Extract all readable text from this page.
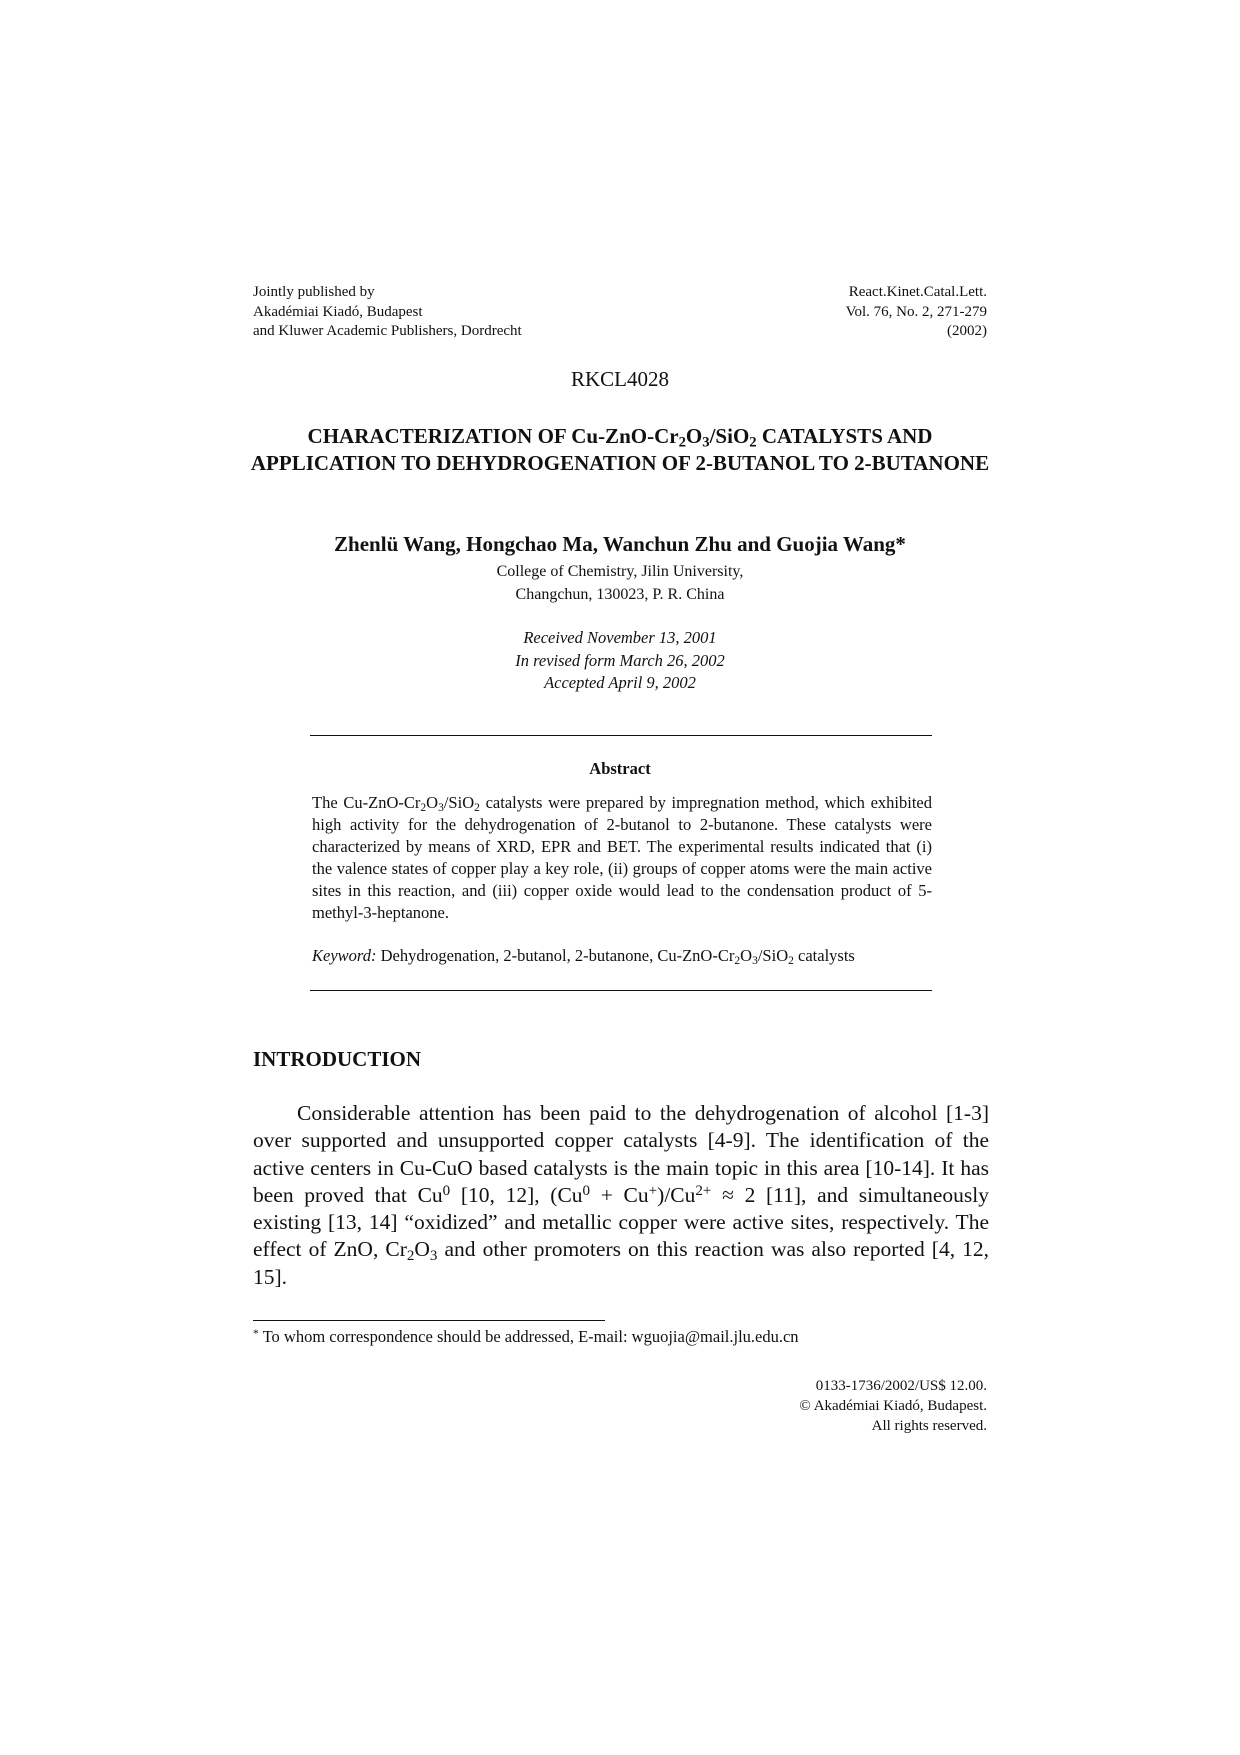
Jointly published by
Akadémiai Kiadó, Budapest
and Kluwer Academic Publishers, Dordrecht
React.Kinet.Catal.Lett.
Vol. 76, No. 2, 271-279
(2002)
RKCL4028
CHARACTERIZATION OF $Cu-ZnO-Cr_2O_3/SiO_2$ CATALYSTS AND APPLICATION TO DEHYDROGENATION OF 2-BUTANOL TO 2-BUTANONE
Zhenlü Wang, Hongchao Ma, Wanchun Zhu and Guojia Wang*
College of Chemistry, Jilin University,
Changchun, 130023, P. R. China
Received November 13, 2001
In revised form March 26, 2002
Accepted April 9, 2002
Abstract
The $Cu-ZnO-Cr_2O_3/SiO_2$ catalysts were prepared by impregnation method, which exhibited high activity for the dehydrogenation of 2-butanol to 2-butanone. These catalysts were characterized by means of XRD, EPR and BET. The experimental results indicated that (i) the valence states of copper play a key role, (ii) groups of copper atoms were the main active sites in this reaction, and (iii) copper oxide would lead to the condensation product of 5-methyl-3-heptanone.
Keyword: Dehydrogenation, 2-butanol, 2-butanone, $Cu-ZnO-Cr_2O_3/SiO_2$ catalysts
INTRODUCTION
Considerable attention has been paid to the dehydrogenation of alcohol [1-3] over supported and unsupported copper catalysts [4-9]. The identification of the active centers in Cu-CuO based catalysts is the main topic in this area [10-14]. It has been proved that Cu$^0$ [10, 12], $(Cu^0 + Cu^+)/Cu^{2+} \approx 2$ [11], and simultaneously existing [13, 14] “oxidized” and metallic copper were active sites, respectively. The effect of ZnO, $Cr_2O_3$ and other promoters on this reaction was also reported [4, 12, 15].
* To whom correspondence should be addressed, E-mail: wguojia@mail.jlu.edu.cn
0133-1736/2002/US$ 12.00.
© Akadémiai Kiadó, Budapest.
All rights reserved.
